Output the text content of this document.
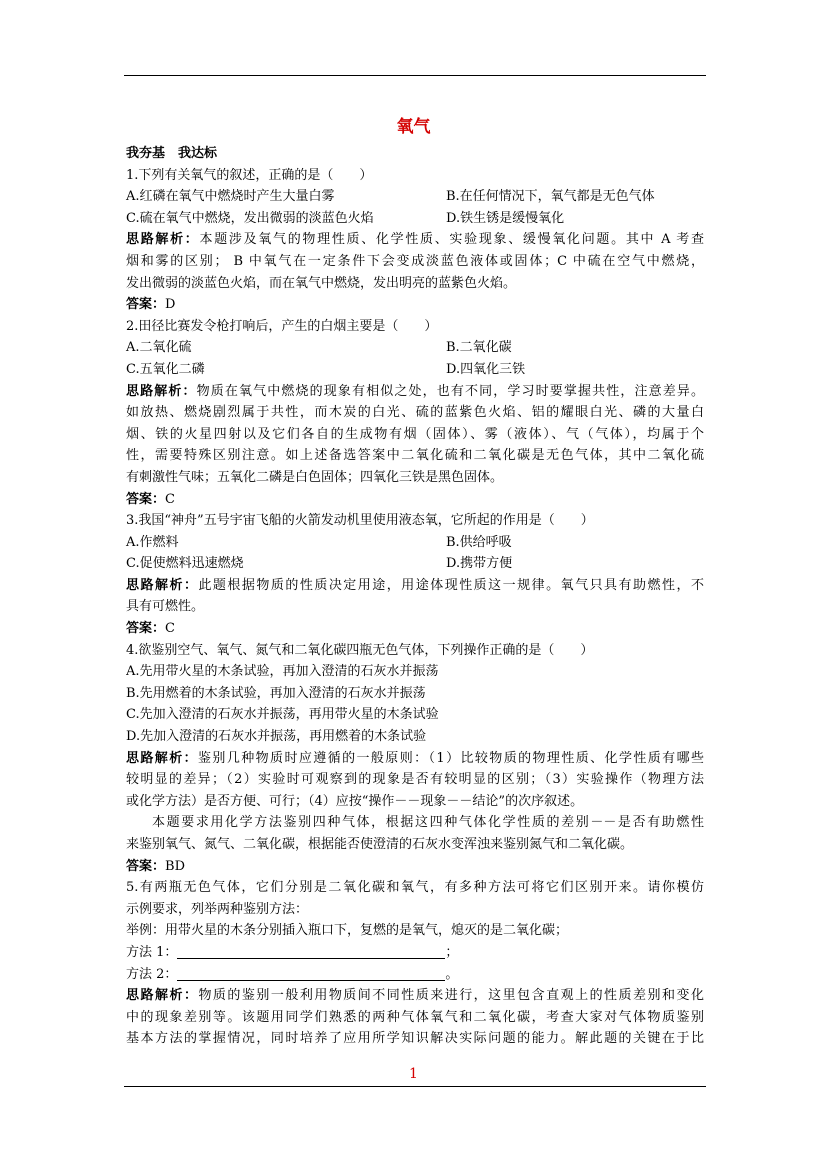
氧气
我夯基　我达标
1.下列有关氧气的叙述，正确的是（　　）
A.红磷在氧气中燃烧时产生大量白雾	B.在任何情况下，氧气都是无色气体
C.硫在氧气中燃烧，发出微弱的淡蓝色火焰	D.铁生锈是缓慢氧化
思路解析：本题涉及氧气的物理性质、化学性质、实验现象、缓慢氧化问题。其中 A 考查
烟和雾的区别； B 中氧气在一定条件下会变成淡蓝色液体或固体；C 中硫在空气中燃烧，
发出微弱的淡蓝色火焰，而在氧气中燃烧，发出明亮的蓝紫色火焰。
答案：D
2.田径比赛发令枪打响后，产生的白烟主要是（　　）
A.二氧化硫	B.二氧化碳
C.五氧化二磷	D.四氧化三铁
思路解析：物质在氧气中燃烧的现象有相似之处，也有不同，学习时要掌握共性，注意差异。
如放热、燃烧剧烈属于共性，而木炭的白光、硫的蓝紫色火焰、铝的耀眼白光、磷的大量白
烟、铁的火星四射以及它们各自的生成物有烟（固体）、雾（液体）、气（气体），均属于个
性，需要特殊区别注意。如上述备选答案中二氧化硫和二氧化碳是无色气体，其中二氧化硫
有刺激性气味；五氧化二磷是白色固体；四氧化三铁是黑色固体。
答案：C
3.我国“神舟”五号宇宙飞船的火箭发动机里使用液态氧，它所起的作用是（　　）
A.作燃料	B.供给呼吸
C.促使燃料迅速燃烧	D.携带方便
思路解析：此题根据物质的性质决定用途，用途体现性质这一规律。氧气只具有助燃性，不
具有可燃性。
答案：C
4.欲鉴别空气、氧气、氮气和二氧化碳四瓶无色气体，下列操作正确的是（　　）
A.先用带火星的木条试验，再加入澄清的石灰水并振荡
B.先用燃着的木条试验，再加入澄清的石灰水并振荡
C.先加入澄清的石灰水并振荡，再用带火星的木条试验
D.先加入澄清的石灰水并振荡，再用燃着的木条试验
思路解析：鉴别几种物质时应遵循的一般原则：（1）比较物质的物理性质、化学性质有哪些
较明显的差异；（2）实验时可观察到的现象是否有较明显的区别；（3）实验操作（物理方法
或化学方法）是否方便、可行；（4）应按“操作－－现象－－结论”的次序叙述。
本题要求用化学方法鉴别四种气体，根据这四种气体化学性质的差别－－是否有助燃性
来鉴别氧气、氮气、二氧化碳，根据能否使澄清的石灰水变浑浊来鉴别氮气和二氧化碳。
答案：BD
5.有两瓶无色气体，它们分别是二氧化碳和氧气，有多种方法可将它们区别开来。请你模仿
示例要求，列举两种鉴别方法：
举例：用带火星的木条分别插入瓶口下，复燃的是氧气，熄灭的是二氧化碳；
方法 1：	；
方法 2：	。
思路解析：物质的鉴别一般利用物质间不同性质来进行，这里包含直观上的性质差别和变化
中的现象差别等。该题用同学们熟悉的两种气体氧气和二氧化碳，考查大家对气体物质鉴别
基本方法的掌握情况，同时培养了应用所学知识解决实际问题的能力。解此题的关键在于比
1
